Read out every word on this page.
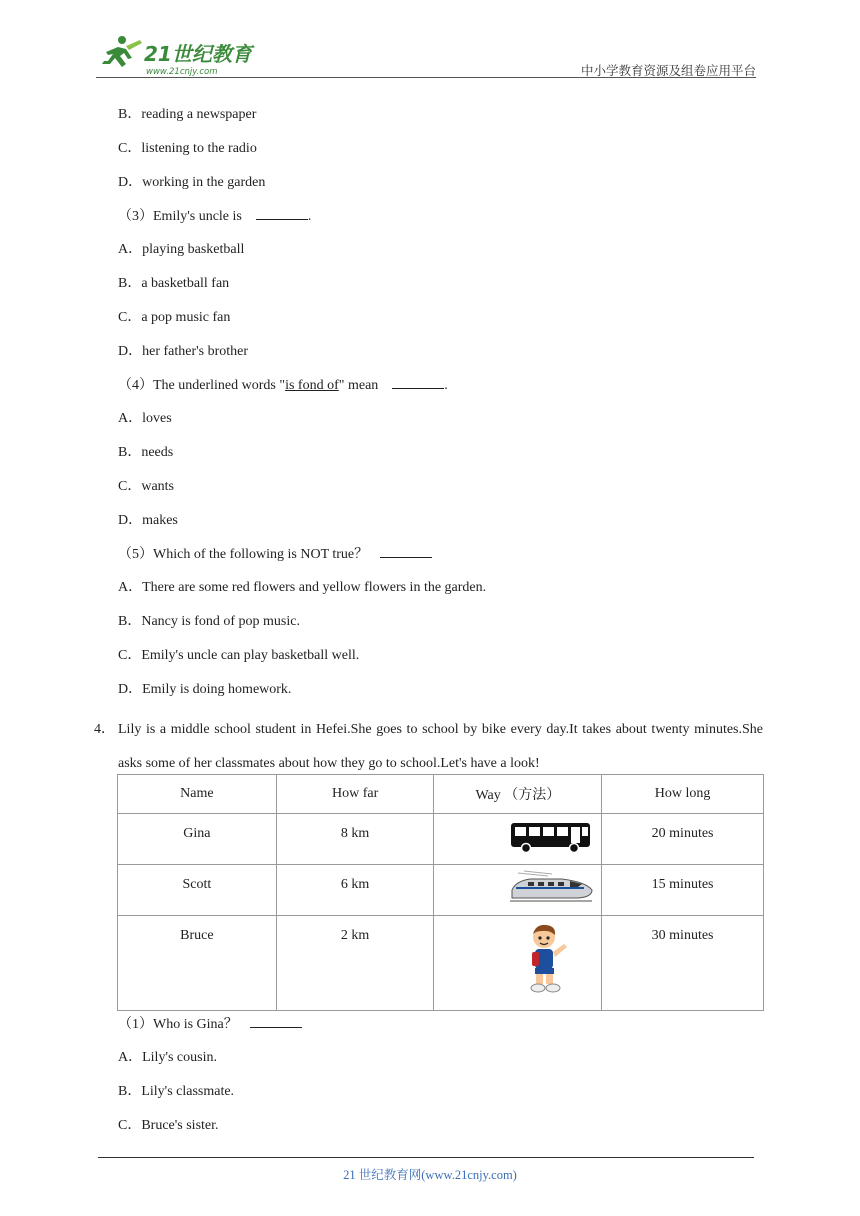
21世纪教育
www.21cnjy.com	中小学教育资源及组卷应用平台
B．reading a newspaper
C．listening to the radio
D．working in the garden
（3）Emily's uncle is	.
A．playing basketball
B．a basketball fan
C．a pop music fan
D．her father's brother
（4）The underlined words "is fond of" mean	.
A．loves
B．needs
C．wants
D．makes
（5）Which of the following is NOT true？
A．There are some red flowers and yellow flowers in the garden.
B．Nancy is fond of pop music.
C．Emily's uncle can play basketball well.
D．Emily is doing homework.
4． Lily is a middle school student in Hefei.She goes to school by bike every day.It takes about twenty minutes.She asks some of her classmates about how they go to school.Let's have a look!
Name	How far	Way （方法）	How long
Gina	8 km		20 minutes
Scott	6 km		15 minutes
Bruce	2 km		30 minutes
（1）Who is Gina？
A．Lily's cousin.
B．Lily's classmate.
C．Bruce's sister.
21 世纪教育网(www.21cnjy.com)
